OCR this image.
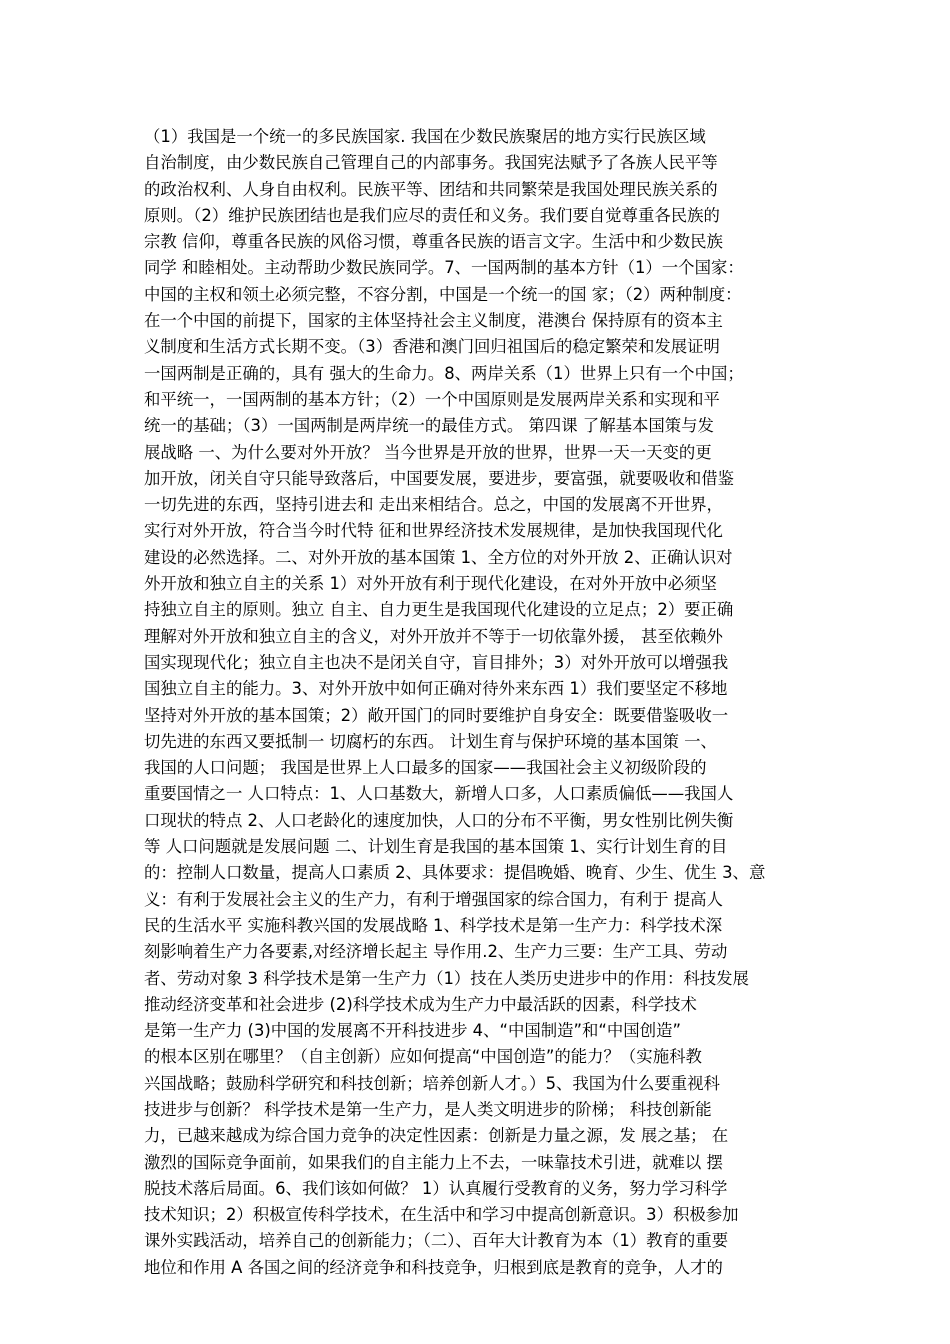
（1）我国是一个统一的多民族国家. 我国在少数民族聚居的地方实行民族区域
自治制度，由少数民族自己管理自己的内部事务。我国宪法赋予了各族人民平等
的政治权利、人身自由权利。民族平等、团结和共同繁荣是我国处理民族关系的
原则。（2）维护民族团结也是我们应尽的责任和义务。我们要自觉尊重各民族的
宗教 信仰，尊重各民族的风俗习惯，尊重各民族的语言文字。生活中和少数民族
同学 和睦相处。主动帮助少数民族同学。7、一国两制的基本方针（1）一个国家：
中国的主权和领土必须完整，不容分割，中国是一个统一的国 家；（2）两种制度：
在一个中国的前提下，国家的主体坚持社会主义制度，港澳台 保持原有的资本主
义制度和生活方式长期不变。（3）香港和澳门回归祖国后的稳定繁荣和发展证明
一国两制是正确的，具有 强大的生命力。8、两岸关系（1）世界上只有一个中国；
和平统一，一国两制的基本方针；（2）一个中国原则是发展两岸关系和实现和平
统一的基础；（3）一国两制是两岸统一的最佳方式。 第四课 了解基本国策与发
展战略 一、为什么要对外开放？ 当今世界是开放的世界，世界一天一天变的更
加开放，闭关自守只能导致落后，中国要发展，要进步，要富强，就要吸收和借鉴
一切先进的东西，坚持引进去和 走出来相结合。总之，中国的发展离不开世界，
实行对外开放，符合当今时代特 征和世界经济技术发展规律，是加快我国现代化
建设的必然选择。二、对外开放的基本国策 1、全方位的对外开放 2、正确认识对
外开放和独立自主的关系 1）对外开放有利于现代化建设，在对外开放中必须坚
持独立自主的原则。独立 自主、自力更生是我国现代化建设的立足点；2）要正确
理解对外开放和独立自主的含义，对外开放并不等于一切依靠外援， 甚至依赖外
国实现现代化；独立自主也决不是闭关自守，盲目排外；3）对外开放可以增强我
国独立自主的能力。3、对外开放中如何正确对待外来东西 1）我们要坚定不移地
坚持对外开放的基本国策；2）敞开国门的同时要维护自身安全：既要借鉴吸收一
切先进的东西又要抵制一 切腐朽的东西。 计划生育与保护环境的基本国策 一、
我国的人口问题； 我国是世界上人口最多的国家——我国社会主义初级阶段的
重要国情之一 人口特点：1、人口基数大，新增人口多，人口素质偏低——我国人
口现状的特点 2、人口老龄化的速度加快，人口的分布不平衡，男女性别比例失衡
等 人口问题就是发展问题 二、计划生育是我国的基本国策 1、实行计划生育的目
的：控制人口数量，提高人口素质 2、具体要求：提倡晚婚、晚育、少生、优生 3、意
义：有利于发展社会主义的生产力，有利于增强国家的综合国力，有利于 提高人
民的生活水平 实施科教兴国的发展战略 1、科学技术是第一生产力：科学技术深
刻影响着生产力各要素,对经济增长起主 导作用.2、生产力三要：生产工具、劳动
者、劳动对象 3 科学技术是第一生产力（1）技在人类历史进步中的作用：科技发展
推动经济变革和社会进步 (2)科学技术成为生产力中最活跃的因素，科学技术
是第一生产力 (3)中国的发展离不开科技进步 4、“中国制造”和“中国创造”
的根本区别在哪里？（自主创新）应如何提高“中国创造”的能力？（实施科教
兴国战略；鼓励科学研究和科技创新；培养创新人才。）5、我国为什么要重视科
技进步与创新？ 科学技术是第一生产力，是人类文明进步的阶梯； 科技创新能
力，已越来越成为综合国力竞争的决定性因素：创新是力量之源，发 展之基； 在
激烈的国际竞争面前，如果我们的自主能力上不去，一味靠技术引进，就难以 摆
脱技术落后局面。6、我们该如何做？ 1）认真履行受教育的义务，努力学习科学
技术知识；2）积极宣传科学技术，在生活中和学习中提高创新意识。3）积极参加
课外实践活动，培养自己的创新能力；（二）、百年大计教育为本（1）教育的重要
地位和作用 A 各国之间的经济竞争和科技竞争，归根到底是教育的竞争，人才的
